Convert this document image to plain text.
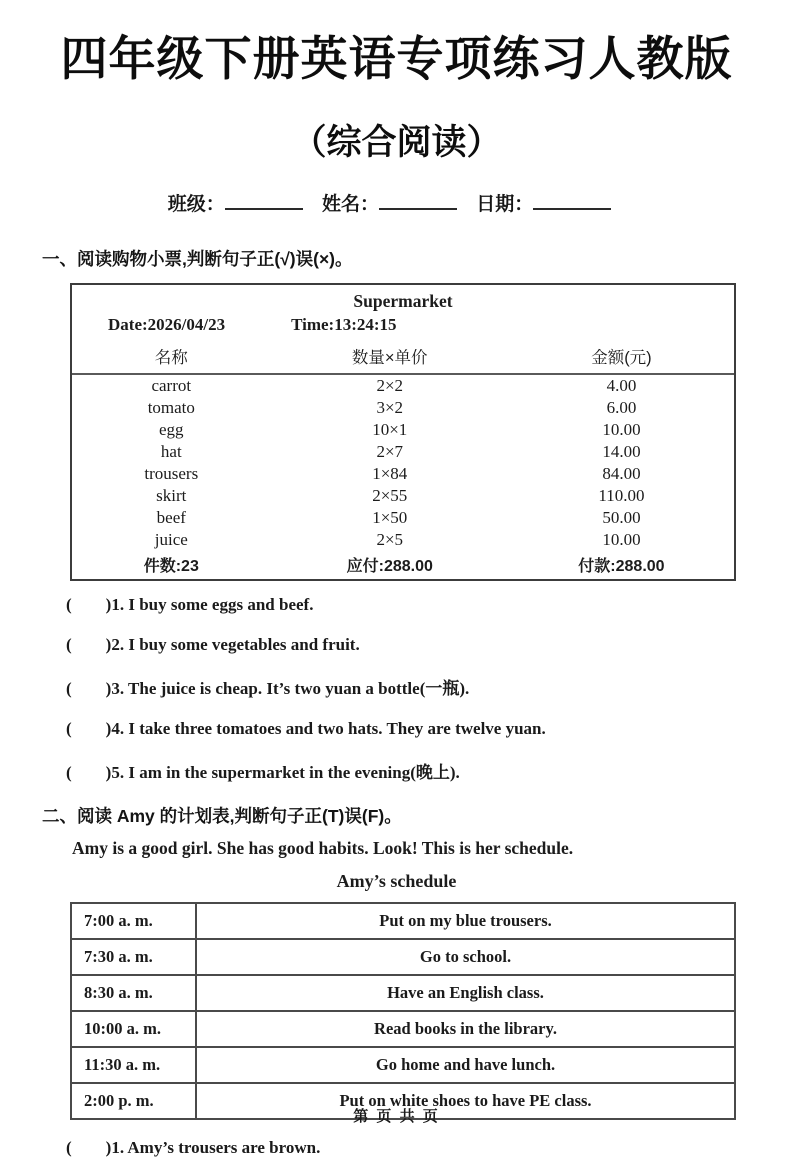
四年级下册英语专项练习人教版
（综合阅读）
班级：	姓名：	日期：
一、阅读购物小票,判断句子正(√)误(×)。
Supermarket
Date:2026/04/23	Time:13:24:15
名称	数量×单价	金额(元)
carrot	2×2	4.00
tomato	3×2	6.00
egg	10×1	10.00
hat	2×7	14.00
trousers	1×84	84.00
skirt	2×55	110.00
beef	1×50	50.00
juice	2×5	10.00
件数:23	应付:288.00	付款:288.00
(        )1. I buy some eggs and beef.
(        )2. I buy some vegetables and fruit.
(        )3. The juice is cheap. It’s two yuan a bottle(一瓶).
(        )4. I take three tomatoes and two hats. They are twelve yuan.
(        )5. I am in the supermarket in the evening(晚上).
二、阅读 Amy 的计划表,判断句子正(T)误(F)。
Amy is a good girl. She has good habits. Look! This is her schedule.
Amy’s schedule
7:00 a. m.	Put on my blue trousers.
7:30 a. m.	Go to school.
8:30 a. m.	Have an English class.
10:00 a. m.	Read books in the library.
11:30 a. m.	Go home and have lunch.
2:00 p. m.	Put on white shoes to have PE class.
(        )1. Amy’s trousers are brown.
第 页 共 页
